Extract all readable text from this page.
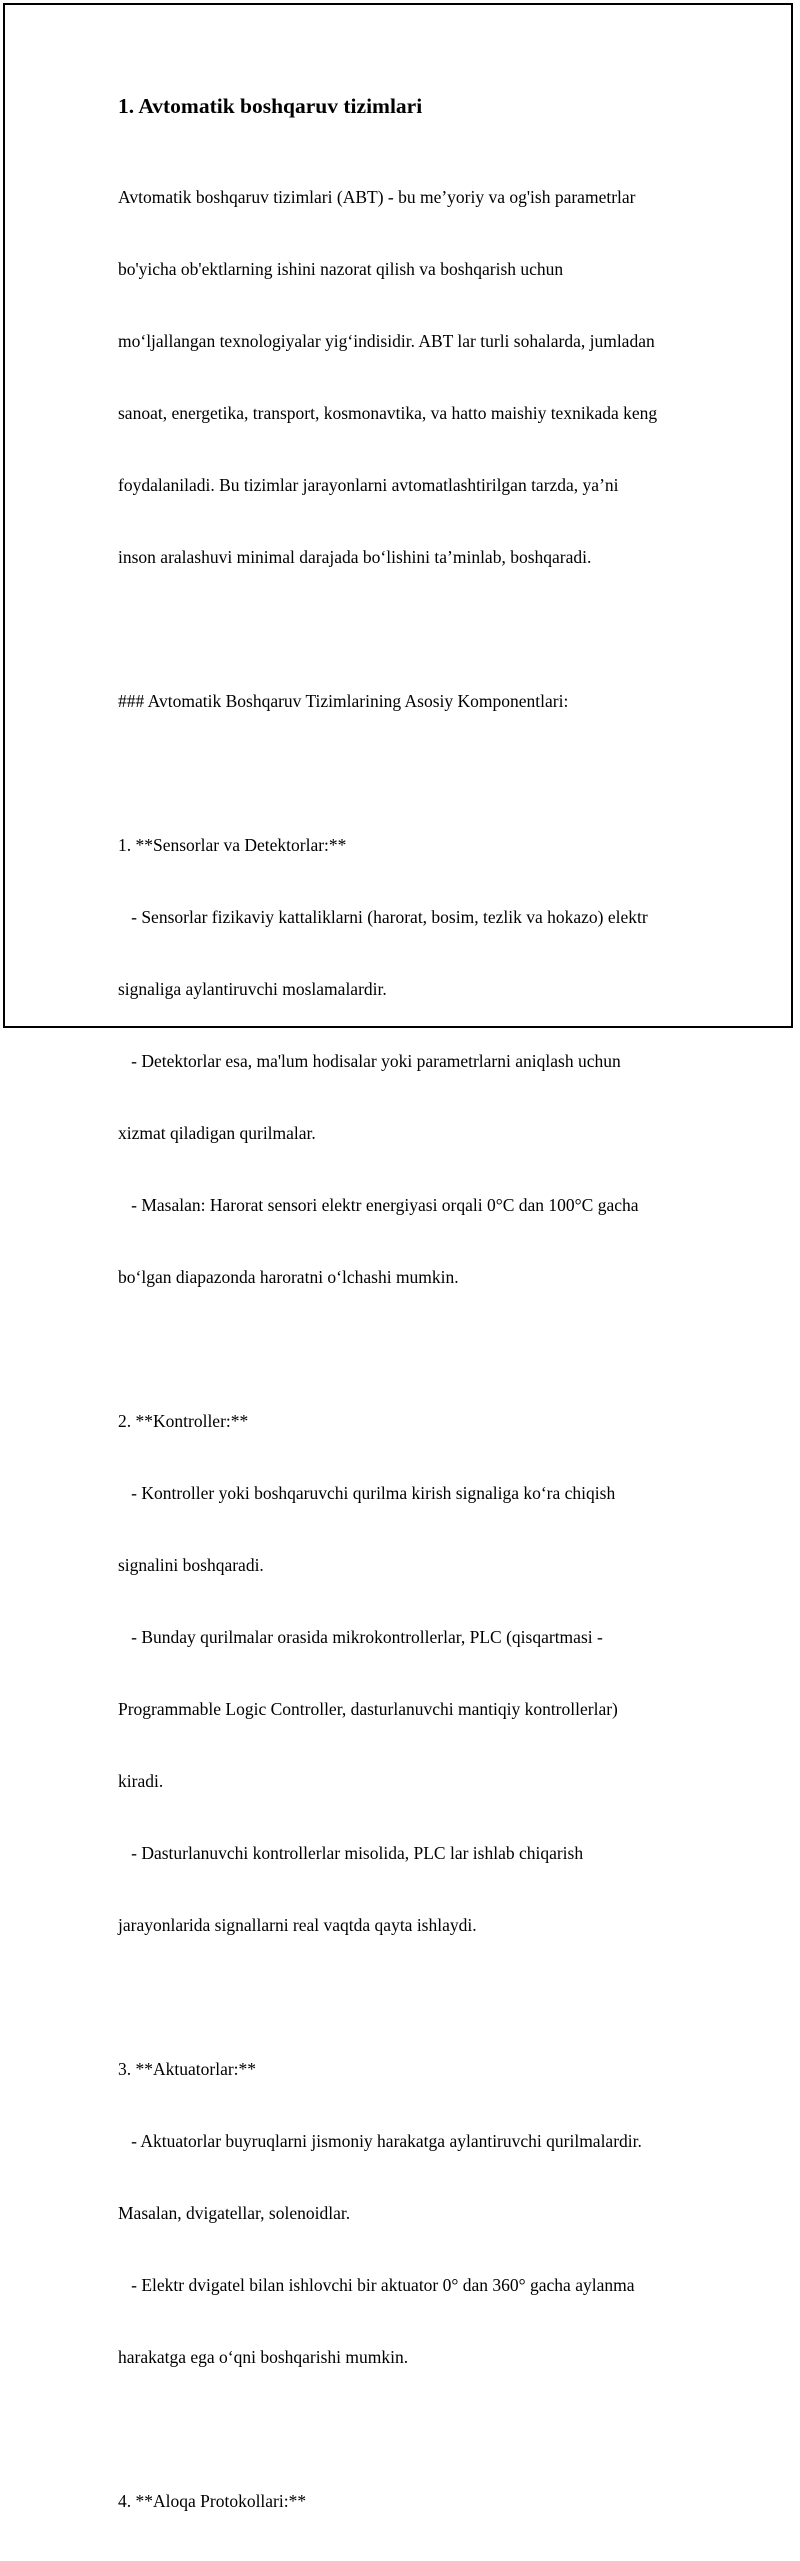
1. Avtomatik boshqaruv tizimlari

Avtomatik boshqaruv tizimlari (ABT) - bu me’yoriy va og'ish parametrlar

bo'yicha ob'ektlarning ishini nazorat qilish va boshqarish uchun

mo‘ljallangan texnologiyalar yig‘indisidir. ABT lar turli sohalarda, jumladan

sanoat, energetika, transport, kosmonavtika, va hatto maishiy texnikada keng

foydalaniladi. Bu tizimlar jarayonlarni avtomatlashtirilgan tarzda, ya’ni

inson aralashuvi minimal darajada bo‘lishini ta’minlab, boshqaradi.

### Avtomatik Boshqaruv Tizimlarining Asosiy Komponentlari:

1. **Sensorlar va Detektorlar:**

- Sensorlar fizikaviy kattaliklarni (harorat, bosim, tezlik va hokazo) elektr

signaliga aylantiruvchi moslamalardir.

- Detektorlar esa, ma'lum hodisalar yoki parametrlarni aniqlash uchun

xizmat qiladigan qurilmalar.

- Masalan: Harorat sensori elektr energiyasi orqali 0°C dan 100°C gacha

bo‘lgan diapazonda haroratni o‘lchashi mumkin.

2. **Kontroller:**

- Kontroller yoki boshqaruvchi qurilma kirish signaliga ko‘ra chiqish

signalini boshqaradi.

- Bunday qurilmalar orasida mikrokontrollerlar, PLC (qisqartmasi -

Programmable Logic Controller, dasturlanuvchi mantiqiy kontrollerlar)

kiradi.

- Dasturlanuvchi kontrollerlar misolida, PLC lar ishlab chiqarish

jarayonlarida signallarni real vaqtda qayta ishlaydi.

3. **Aktuatorlar:**

- Aktuatorlar buyruqlarni jismoniy harakatga aylantiruvchi qurilmalardir.

Masalan, dvigatellar, solenoidlar.

- Elektr dvigatel bilan ishlovchi bir aktuator 0° dan 360° gacha aylanma

harakatga ega o‘qni boshqarishi mumkin.

4. **Aloqa Protokollari:**
